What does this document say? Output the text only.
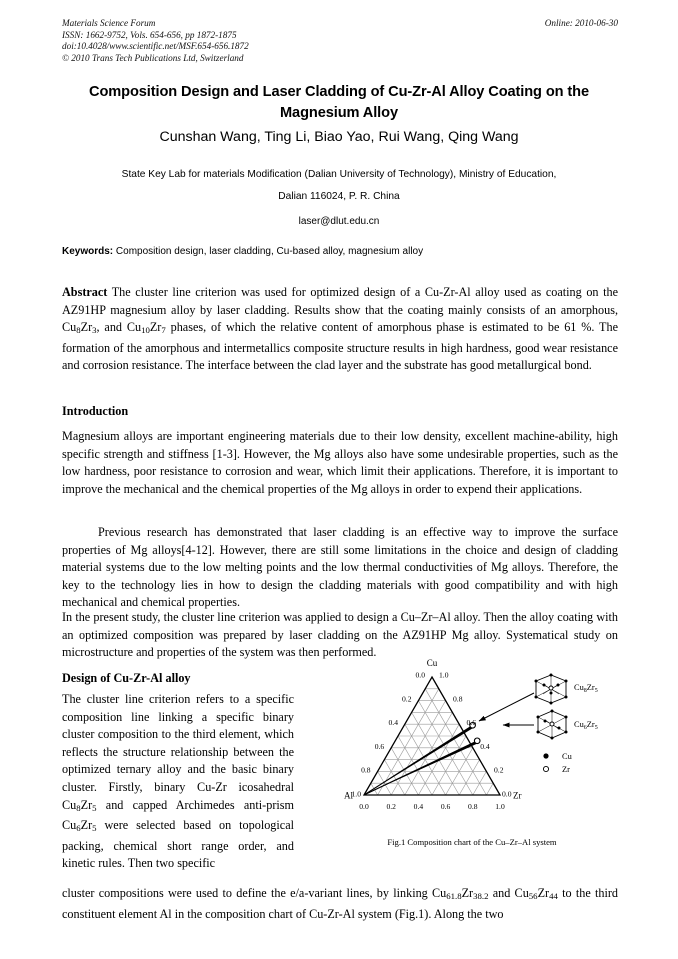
Materials Science Forum
ISSN: 1662-9752, Vols. 654-656, pp 1872-1875
doi:10.4028/www.scientific.net/MSF.654-656.1872
© 2010 Trans Tech Publications Ltd, Switzerland
Online: 2010-06-30
Composition Design and Laser Cladding of Cu-Zr-Al Alloy Coating on the Magnesium Alloy
Cunshan Wang, Ting Li, Biao Yao, Rui Wang, Qing Wang
State Key Lab for materials Modification (Dalian University of Technology), Ministry of Education,
Dalian 116024, P. R. China
laser@dlut.edu.cn
Keywords: Composition design, laser cladding, Cu-based alloy, magnesium alloy
Abstract The cluster line criterion was used for optimized design of a Cu-Zr-Al alloy used as coating on the AZ91HP magnesium alloy by laser cladding. Results show that the coating mainly consists of an amorphous, $Cu_8Zr_3$, and $Cu_{10}Zr_7$ phases, of which the relative content of amorphous phase is estimated to be 61 %. The formation of the amorphous and intermetallics composite structure results in high hardness, good wear resistance and corrosion resistance. The interface between the clad layer and the substrate has good metallurgical bond.
Introduction
Magnesium alloys are important engineering materials due to their low density, excellent machine-ability, high specific strength and stiffness [1-3]. However, the Mg alloys also have some undesirable properties, such as the low hardness, poor resistance to corrosion and wear, which limit their applications. Therefore, it is important to improve the mechanical and the chemical properties of the Mg alloys in order to expend their applications.
Previous research has demonstrated that laser cladding is an effective way to improve the surface properties of Mg alloys[4-12]. However, there are still some limitations in the choice and design of cladding material systems due to the low melting points and the low thermal conductivities of Mg alloys. Therefore, the key to the technology lies in how to design the cladding materials with good compatibility and with high mechanical and chemical properties.
In the present study, the cluster line criterion was applied to design a Cu–Zr–Al alloy. Then the alloy coating with an optimized composition was prepared by laser cladding on the AZ91HP Mg alloy. Systematical study on microstructure and properties of the system was then performed.
Design of Cu-Zr-Al alloy
The cluster line criterion refers to a specific composition line linking a specific binary cluster composition to the third element, which reflects the structure relationship between the optimized ternary alloy and the basic binary cluster. Firstly, binary Cu-Zr icosahedral $Cu_8Zr_5$ and capped Archimedes anti-prism $Cu_6Zr_5$ were selected based on topological packing, chemical short range order, and kinetic rules. Then two specific
Cu
Zr
Al
0.0
0.2
0.4
0.6
0.8
1.0
1.0
0.8
0.6
0.4
0.2
0.0
0.0 0.2 0.4 0.6 0.8 1.0
$Cu_8Zr_5$
$Cu_6Zr_5$
Cu
Zr
Fig.1 Composition chart of the Cu–Zr–Al system
cluster compositions were used to define the e/a-variant lines, by linking $Cu_{61.8}Zr_{38.2}$ and $Cu_{56}Zr_{44}$ to the third constituent element Al in the composition chart of Cu-Zr-Al system (Fig.1). Along the two
